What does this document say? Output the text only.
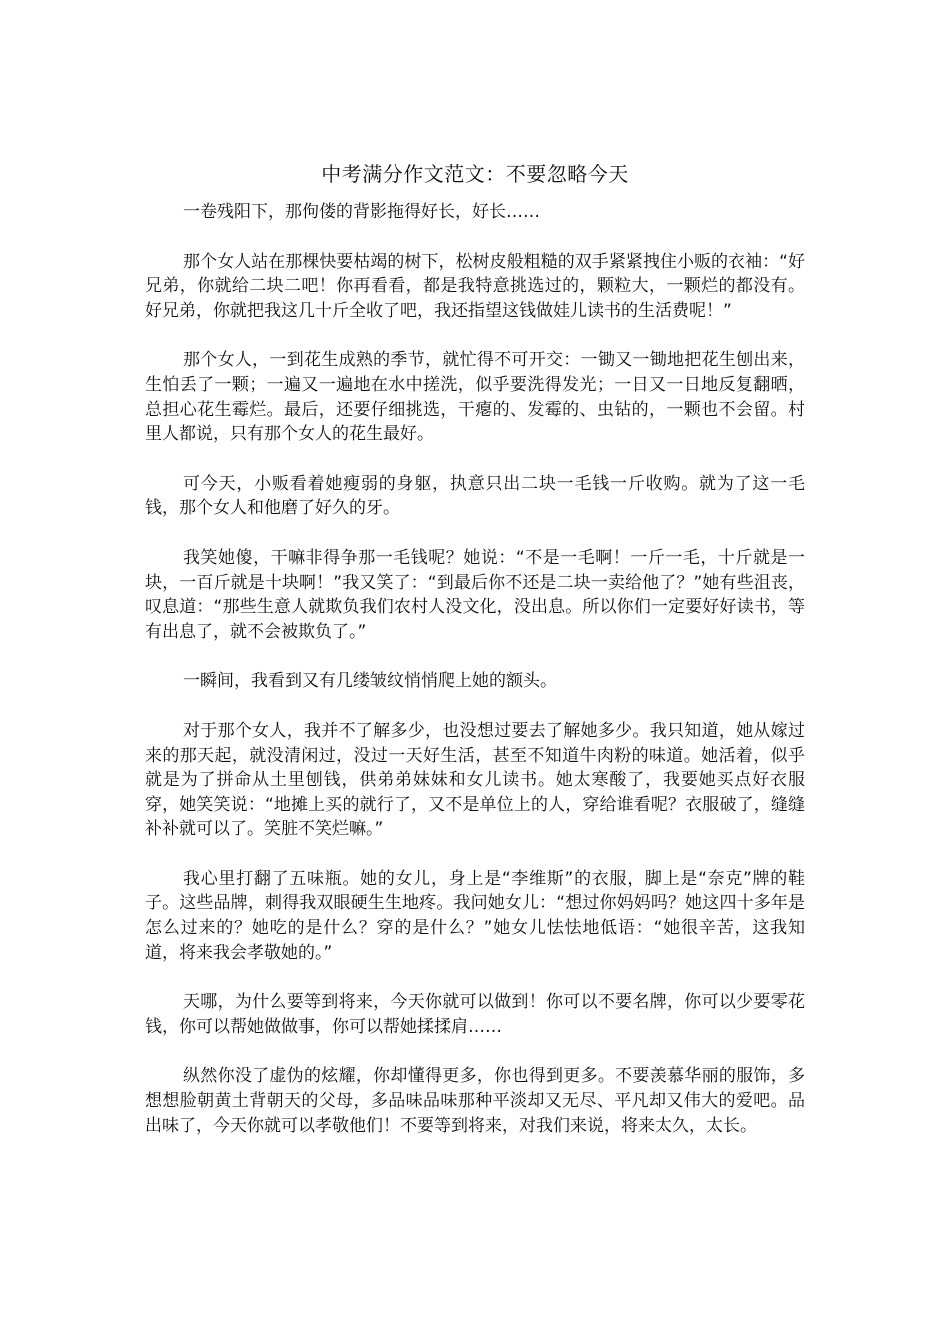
中考满分作文范文：不要忽略今天

一卷残阳下，那佝偻的背影拖得好长，好长……

那个女人站在那棵快要枯竭的树下，松树皮般粗糙的双手紧紧拽住小贩的衣袖：“好兄弟，你就给二块二吧！你再看看，都是我特意挑选过的，颗粒大，一颗烂的都没有。好兄弟，你就把我这几十斤全收了吧，我还指望这钱做娃儿读书的生活费呢！”

那个女人，一到花生成熟的季节，就忙得不可开交：一锄又一锄地把花生刨出来，生怕丢了一颗；一遍又一遍地在水中搓洗，似乎要洗得发光；一日又一日地反复翻晒，总担心花生霉烂。最后，还要仔细挑选，干瘪的、发霉的、虫钻的，一颗也不会留。村里人都说，只有那个女人的花生最好。

可今天，小贩看着她瘦弱的身躯，执意只出二块一毛钱一斤收购。就为了这一毛钱，那个女人和他磨了好久的牙。

我笑她傻，干嘛非得争那一毛钱呢？她说：“不是一毛啊！一斤一毛，十斤就是一块，一百斤就是十块啊！”我又笑了：“到最后你不还是二块一卖给他了？”她有些沮丧，叹息道：“那些生意人就欺负我们农村人没文化，没出息。所以你们一定要好好读书，等有出息了，就不会被欺负了。”

一瞬间，我看到又有几缕皱纹悄悄爬上她的额头。

对于那个女人，我并不了解多少，也没想过要去了解她多少。我只知道，她从嫁过来的那天起，就没清闲过，没过一天好生活，甚至不知道牛肉粉的味道。她活着，似乎就是为了拼命从土里刨钱，供弟弟妹妹和女儿读书。她太寒酸了，我要她买点好衣服穿，她笑笑说：“地摊上买的就行了，又不是单位上的人，穿给谁看呢？衣服破了，缝缝补补就可以了。笑脏不笑烂嘛。”

我心里打翻了五味瓶。她的女儿，身上是“李维斯”的衣服，脚上是“奈克”牌的鞋子。这些品牌，刺得我双眼硬生生地疼。我问她女儿：“想过你妈妈吗？她这四十多年是怎么过来的？她吃的是什么？穿的是什么？”她女儿怯怯地低语：“她很辛苦，这我知道，将来我会孝敬她的。”

天哪，为什么要等到将来，今天你就可以做到！你可以不要名牌，你可以少要零花钱，你可以帮她做做事，你可以帮她揉揉肩……

纵然你没了虚伪的炫耀，你却懂得更多，你也得到更多。不要羡慕华丽的服饰，多想想脸朝黄土背朝天的父母，多品味品味那种平淡却又无尽、平凡却又伟大的爱吧。品出味了，今天你就可以孝敬他们！不要等到将来，对我们来说，将来太久，太长。
